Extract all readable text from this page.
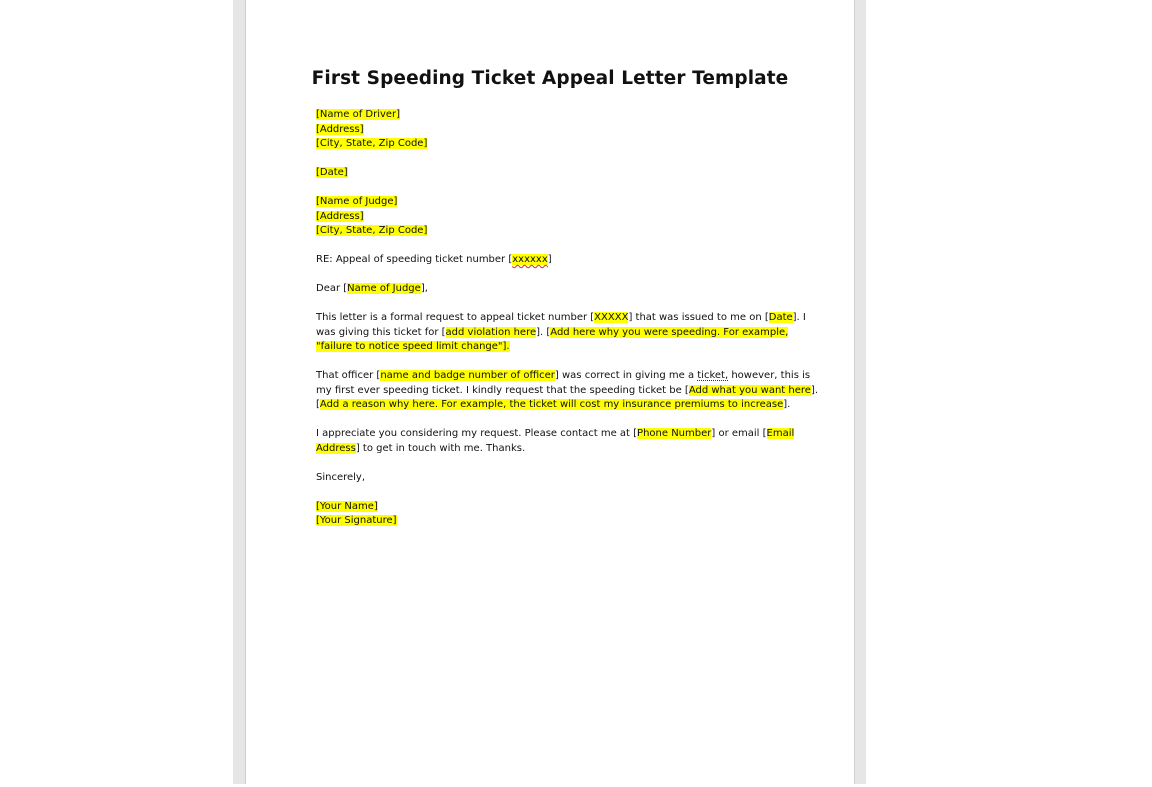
First Speeding Ticket Appeal Letter Template
[Name of Driver]
[Address]
[City, State, Zip Code]
[Date]
[Name of Judge]
[Address]
[City, State, Zip Code]
RE: Appeal of speeding ticket number [xxxxxx]
Dear [Name of Judge],
This letter is a formal request to appeal ticket number [XXXXX] that was issued to me on [Date]. I
was giving this ticket for [add violation here]. [Add here why you were speeding. For example,
"failure to notice speed limit change"].
That officer [name and badge number of officer] was correct in giving me a ticket, however, this is
my first ever speeding ticket. I kindly request that the speeding ticket be [Add what you want here].
[Add a reason why here. For example, the ticket will cost my insurance premiums to increase].
I appreciate you considering my request. Please contact me at [Phone Number] or email [Email
Address] to get in touch with me. Thanks.
Sincerely,
[Your Name]
[Your Signature]
